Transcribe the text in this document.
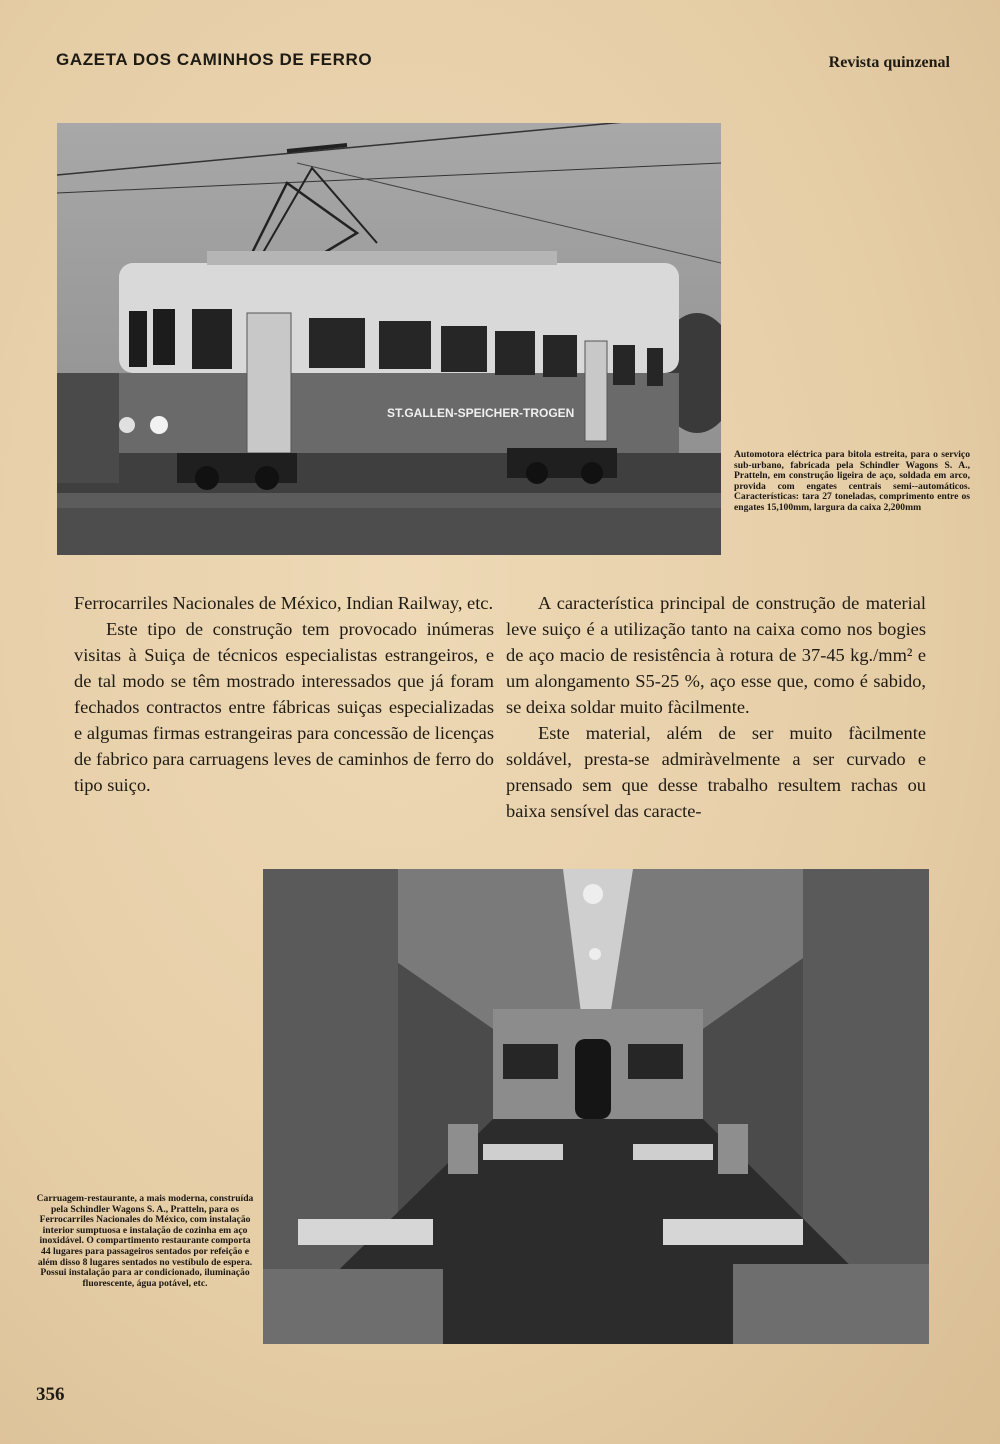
GAZETA DOS CAMINHOS DE FERRO	Revista quinzenal
ST.GALLEN-SPEICHER-TROGEN
Automotora eléctrica para bitola estreita, para o serviço sub-urbano, fabricada pela Schindler Wagons S. A., Pratteln, em construção ligeira de aço, soldada em arco, provida com engates centrais semi--automáticos. Características: tara 27 toneladas, comprimento entre os engates 15,100mm, largura da caixa 2,200mm

Ferrocarriles Nacionales de México, Indian Railway, etc.

Este tipo de construção tem provocado inúmeras visitas à Suiça de técnicos especialistas estrangeiros, e de tal modo se têm mostrado interessados que já foram fechados contractos entre fábricas suiças especializadas e algumas firmas estrangeiras para concessão de licenças de fabrico para carruagens leves de caminhos de ferro do tipo suiço.

A característica principal de construção de material leve suiço é a utilização tanto na caixa como nos bogies de aço macio de resistência à rotura de 37-45 kg./mm² e um alongamento S5-25 %, aço esse que, como é sabido, se deixa soldar muito fàcilmente.

Este material, além de ser muito fàcilmente soldável, presta-se admiràvelmente a ser curvado e prensado sem que desse trabalho resultem rachas ou baixa sensível das caracte-

Carruagem-restaurante, a mais moderna, construída pela Schindler Wagons S. A., Pratteln, para os Ferrocarriles Nacionales do México, com instalação interior sumptuosa e instalação de cozinha em aço inoxidável. O compartimento restaurante comporta 44 lugares para passageiros sentados por refeição e além disso 8 lugares sentados no vestíbulo de espera. Possui instalação para ar condicionado, iluminação fluorescente, água potável, etc.
356
